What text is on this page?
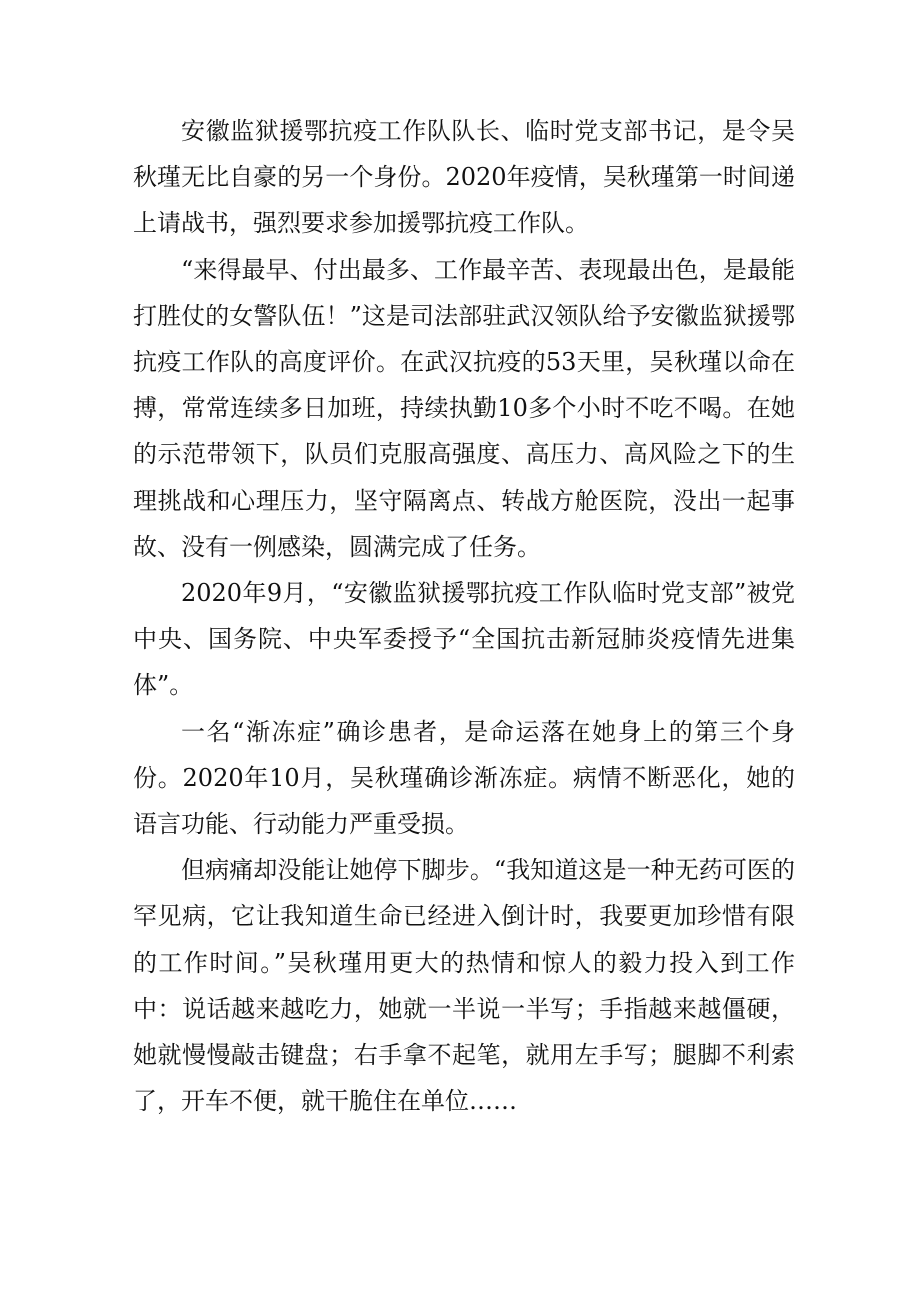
安徽监狱援鄂抗疫工作队队长、临时党支部书记，是令吴秋瑾无比自豪的另一个身份。2020年疫情，吴秋瑾第一时间递上请战书，强烈要求参加援鄂抗疫工作队。

“来得最早、付出最多、工作最辛苦、表现最出色，是最能打胜仗的女警队伍！”这是司法部驻武汉领队给予安徽监狱援鄂抗疫工作队的高度评价。在武汉抗疫的53天里，吴秋瑾以命在搏，常常连续多日加班，持续执勤10多个小时不吃不喝。在她的示范带领下，队员们克服高强度、高压力、高风险之下的生理挑战和心理压力，坚守隔离点、转战方舱医院，没出一起事故、没有一例感染，圆满完成了任务。

2020年9月，“安徽监狱援鄂抗疫工作队临时党支部”被党中央、国务院、中央军委授予“全国抗击新冠肺炎疫情先进集体”。

一名“渐冻症”确诊患者，是命运落在她身上的第三个身份。2020年10月，吴秋瑾确诊渐冻症。病情不断恶化，她的语言功能、行动能力严重受损。

但病痛却没能让她停下脚步。“我知道这是一种无药可医的罕见病，它让我知道生命已经进入倒计时，我要更加珍惜有限的工作时间。”吴秋瑾用更大的热情和惊人的毅力投入到工作中：说话越来越吃力，她就一半说一半写；手指越来越僵硬，她就慢慢敲击键盘；右手拿不起笔，就用左手写；腿脚不利索了，开车不便，就干脆住在单位……
